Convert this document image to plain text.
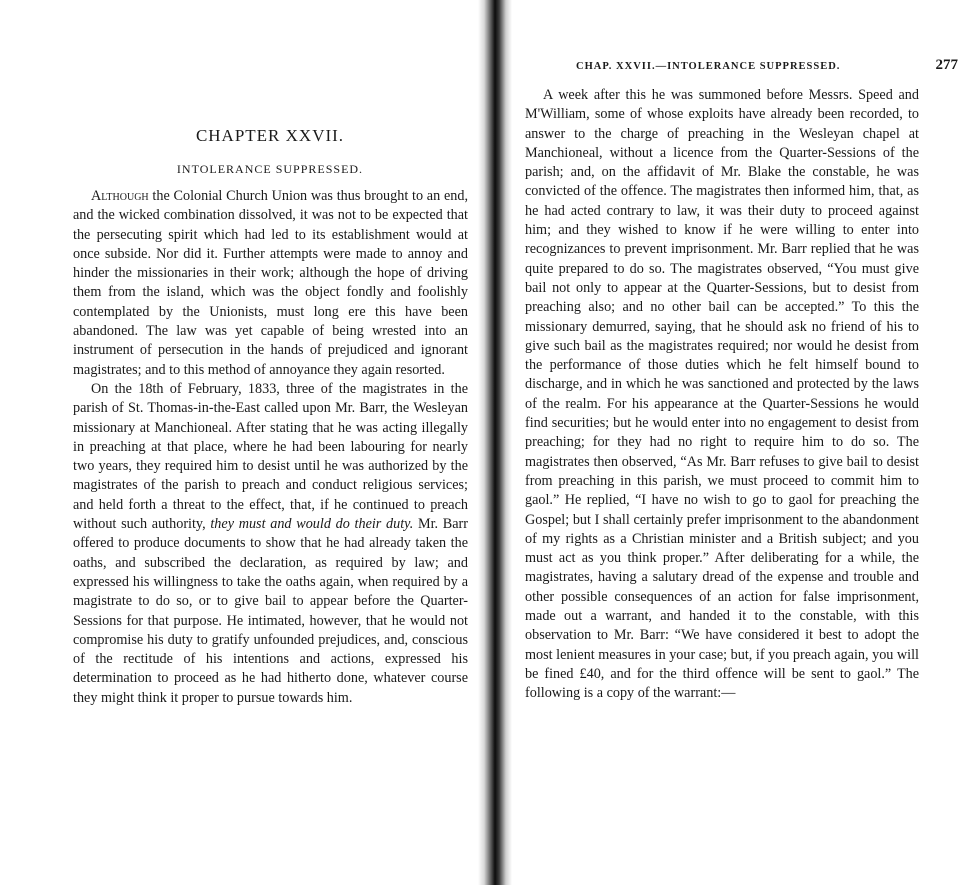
CHAPTER XXVII.
INTOLERANCE SUPPRESSED.

Although the Colonial Church Union was thus brought to an end, and the wicked combination dissolved, it was not to be expected that the persecuting spirit which had led to its establishment would at once subside. Nor did it. Further attempts were made to annoy and hinder the missionaries in their work; although the hope of driving them from the island, which was the object fondly and foolishly contemplated by the Unionists, must long ere this have been abandoned. The law was yet capable of being wrested into an instrument of persecution in the hands of prejudiced and ignorant magistrates; and to this method of annoyance they again resorted.

On the 18th of February, 1833, three of the magistrates in the parish of St. Thomas-in-the-East called upon Mr. Barr, the Wesleyan missionary at Manchioneal. After stating that he was acting illegally in preaching at that place, where he had been labouring for nearly two years, they required him to desist until he was authorized by the magistrates of the parish to preach and conduct religious services; and held forth a threat to the effect, that, if he continued to preach without such authority, they must and would do their duty. Mr. Barr offered to produce documents to show that he had already taken the oaths, and subscribed the declaration, as required by law; and expressed his willingness to take the oaths again, when required by a magistrate to do so, or to give bail to appear before the Quarter-Sessions for that purpose. He intimated, however, that he would not compromise his duty to gratify unfounded prejudices, and, conscious of the rectitude of his intentions and actions, expressed his determination to proceed as he had hitherto done, whatever course they might think it proper to pursue towards him.

CHAP. XXVII.—INTOLERANCE SUPPRESSED.	277

A week after this he was summoned before Messrs. Speed and M'William, some of whose exploits have already been recorded, to answer to the charge of preaching in the Wesleyan chapel at Manchioneal, without a licence from the Quarter-Sessions of the parish; and, on the affidavit of Mr. Blake the constable, he was convicted of the offence. The magistrates then informed him, that, as he had acted contrary to law, it was their duty to proceed against him; and they wished to know if he were willing to enter into recognizances to prevent imprisonment. Mr. Barr replied that he was quite prepared to do so. The magistrates observed, “You must give bail not only to appear at the Quarter-Sessions, but to desist from preaching also; and no other bail can be accepted.” To this the missionary demurred, saying, that he should ask no friend of his to give such bail as the magistrates required; nor would he desist from the performance of those duties which he felt himself bound to discharge, and in which he was sanctioned and protected by the laws of the realm. For his appearance at the Quarter-Sessions he would find securities; but he would enter into no engagement to desist from preaching; for they had no right to require him to do so. The magistrates then observed, “As Mr. Barr refuses to give bail to desist from preaching in this parish, we must proceed to commit him to gaol.” He replied, “I have no wish to go to gaol for preaching the Gospel; but I shall certainly prefer imprisonment to the abandonment of my rights as a Christian minister and a British subject; and you must act as you think proper.” After deliberating for a while, the magistrates, having a salutary dread of the expense and trouble and other possible consequences of an action for false imprisonment, made out a warrant, and handed it to the constable, with this observation to Mr. Barr: “We have considered it best to adopt the most lenient measures in your case; but, if you preach again, you will be fined £40, and for the third offence will be sent to gaol.” The following is a copy of the warrant:—
